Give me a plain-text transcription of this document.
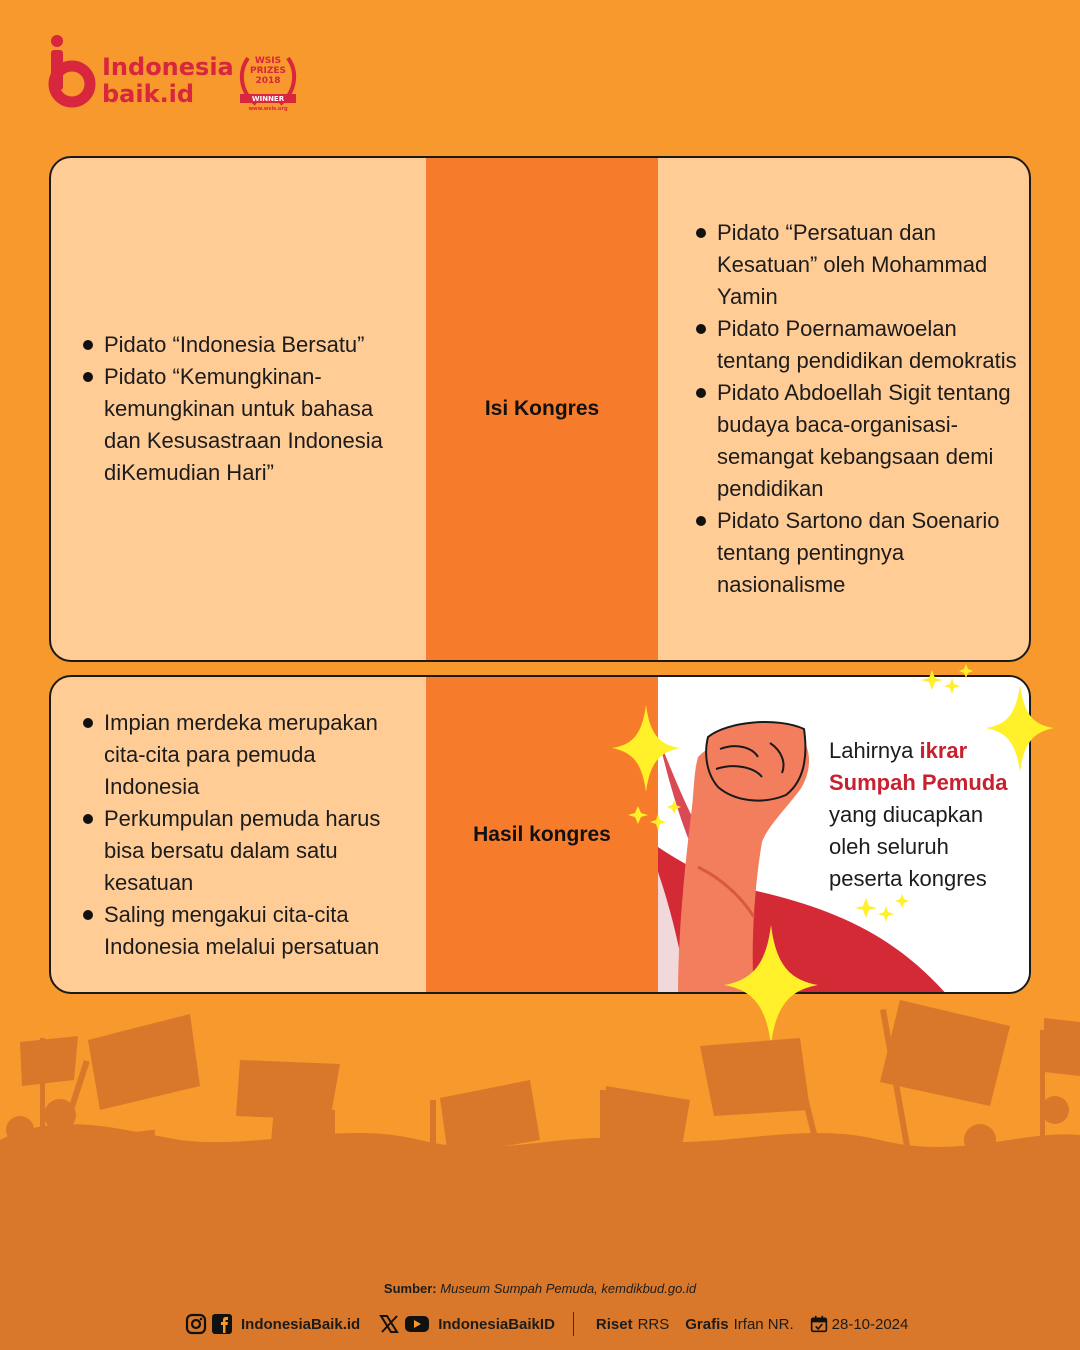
Indonesia
baik.id
WSIS
PRIZES
2018
WINNER
www.wsis.org
Pidato “Indonesia Bersatu”
Pidato “Kemungkinan-kemungkinan untuk bahasa dan Kesusastraan Indonesia diKemudian Hari”
Isi Kongres
Pidato “Persatuan dan Kesatuan” oleh Mohammad Yamin
Pidato Poernamawoelan tentang pendidikan demokratis
Pidato Abdoellah Sigit tentang budaya baca-organisasi-semangat kebangsaan demi pendidikan
Pidato Sartono dan Soenario tentang pentingnya nasionalisme
Impian merdeka merupakan cita-cita para pemuda Indonesia
Perkumpulan pemuda harus bisa bersatu dalam satu kesatuan
Saling mengakui cita-cita Indonesia melalui persatuan
Hasil kongres
Lahirnya ikrar Sumpah Pemuda yang diucapkan oleh seluruh peserta kongres
Sumber: Museum Sumpah Pemuda, kemdikbud.go.id
IndonesiaBaik.id	IndonesiaBaikID	Riset RRS Grafis Irfan NR.	28-10-2024
